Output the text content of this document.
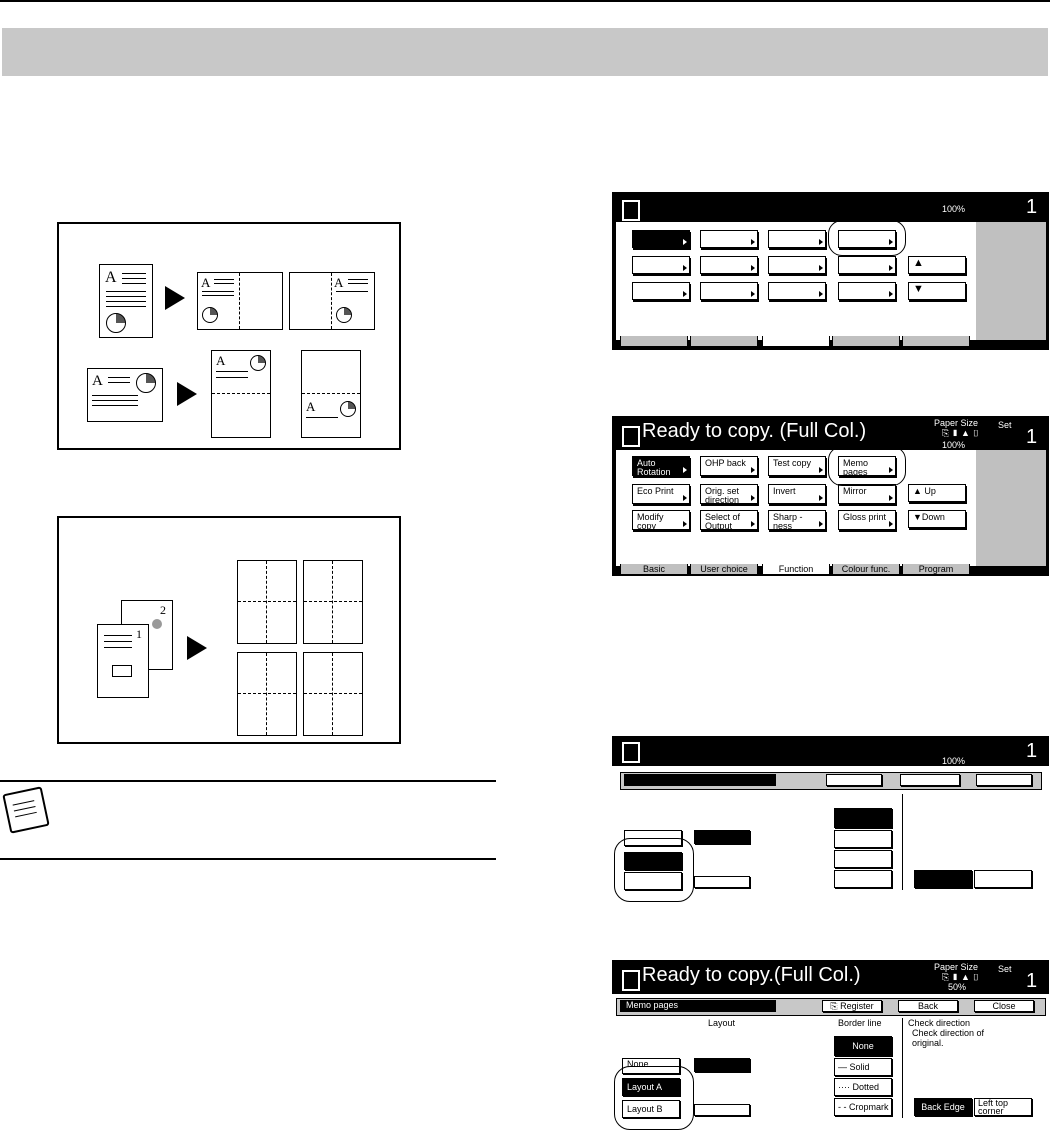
A	A	A
A
A
A
2
1
100%	1
▲
▼
Ready to copy. (Full Col.)	Paper Size Set
⎘ ▮ ▲ ▯
100%	1
Auto Rotation
OHP back	Test copy	Memo pages
Eco Print	Orig. set direction
Invert	Mirror
Modify copy
Select of Output
Sharp -ness
Gloss print
▲ Up
▼Down
Basic	User choice	Function	Colour func.	Program
100%	1
Ready to copy.(Full Col.)	Paper Size Set
⎘ ▮ ▲ ▯
50%	1
Memo pages	⎘ Register	Back	Close
Layout	Border line	Check direction
Check direction of original.
None
Layout A
Layout B
None
— Solid
···· Dotted
- - Cropmark	Back Edge	Left top corner
